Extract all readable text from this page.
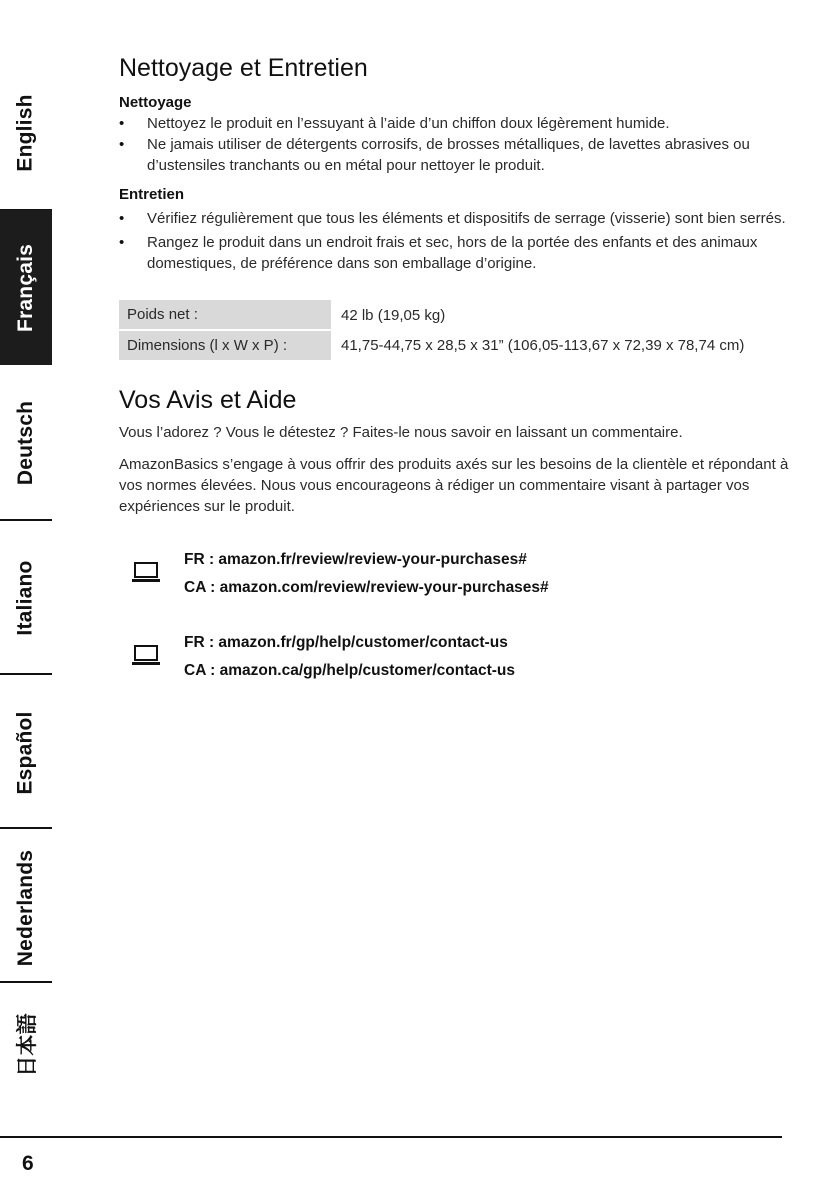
English
Français
Deutsch
Italiano
Español
Nederlands
日本語
Nettoyage et Entretien
Nettoyage
• Nettoyez le produit en l’essuyant à l’aide d’un chiffon doux légèrement humide.
• Ne jamais utiliser de détergents corrosifs, de brosses métalliques, de lavettes abrasives ou d’ustensiles tranchants ou en métal pour nettoyer le produit.
Entretien
• Vérifiez régulièrement que tous les éléments et dispositifs de serrage (visserie) sont bien serrés.
• Rangez le produit dans un endroit frais et sec, hors de la portée des enfants et des animaux domestiques, de préférence dans son emballage d’origine.
Poids net :	42 lb (19,05 kg)
Dimensions (l x W x P) :	41,75-44,75 x 28,5 x 31” (106,05-113,67 x 72,39 x 78,74 cm)
Vos Avis et Aide

Vous l’adorez ? Vous le détestez ? Faites-le nous savoir en laissant un commentaire.

AmazonBasics s’engage à vous offrir des produits axés sur les besoins de la clientèle et répondant à vos normes élevées. Nous vous encourageons à rédiger un commentaire visant à partager vos expériences sur le produit.

FR : amazon.fr/review/review-your-purchases#
CA : amazon.com/review/review-your-purchases#
FR : amazon.fr/gp/help/customer/contact-us
CA : amazon.ca/gp/help/customer/contact-us
6
